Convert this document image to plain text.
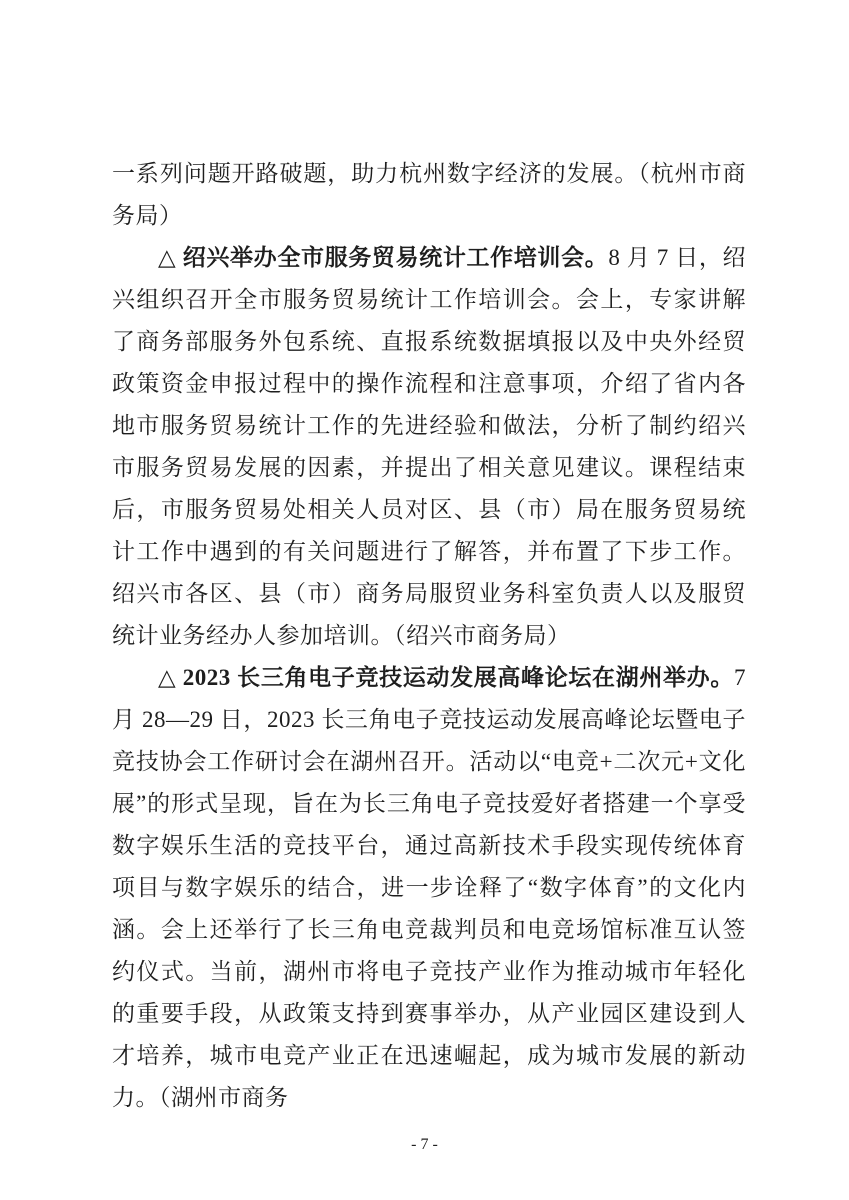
一系列问题开路破题，助力杭州数字经济的发展。（杭州市商务局）

△ 绍兴举办全市服务贸易统计工作培训会。8 月 7 日，绍兴组织召开全市服务贸易统计工作培训会。会上，专家讲解了商务部服务外包系统、直报系统数据填报以及中央外经贸政策资金申报过程中的操作流程和注意事项，介绍了省内各地市服务贸易统计工作的先进经验和做法，分析了制约绍兴市服务贸易发展的因素，并提出了相关意见建议。课程结束后，市服务贸易处相关人员对区、县（市）局在服务贸易统计工作中遇到的有关问题进行了解答，并布置了下步工作。绍兴市各区、县（市）商务局服贸业务科室负责人以及服贸统计业务经办人参加培训。（绍兴市商务局）

△ 2023 长三角电子竞技运动发展高峰论坛在湖州举办。7 月 28—29 日，2023 长三角电子竞技运动发展高峰论坛暨电子竞技协会工作研讨会在湖州召开。活动以“电竞+二次元+文化展”的形式呈现，旨在为长三角电子竞技爱好者搭建一个享受数字娱乐生活的竞技平台，通过高新技术手段实现传统体育项目与数字娱乐的结合，进一步诠释了“数字体育”的文化内涵。会上还举行了长三角电竞裁判员和电竞场馆标准互认签约仪式。当前，湖州市将电子竞技产业作为推动城市年轻化的重要手段，从政策支持到赛事举办，从产业园区建设到人才培养，城市电竞产业正在迅速崛起，成为城市发展的新动力。（湖州市商务

- 7 -
